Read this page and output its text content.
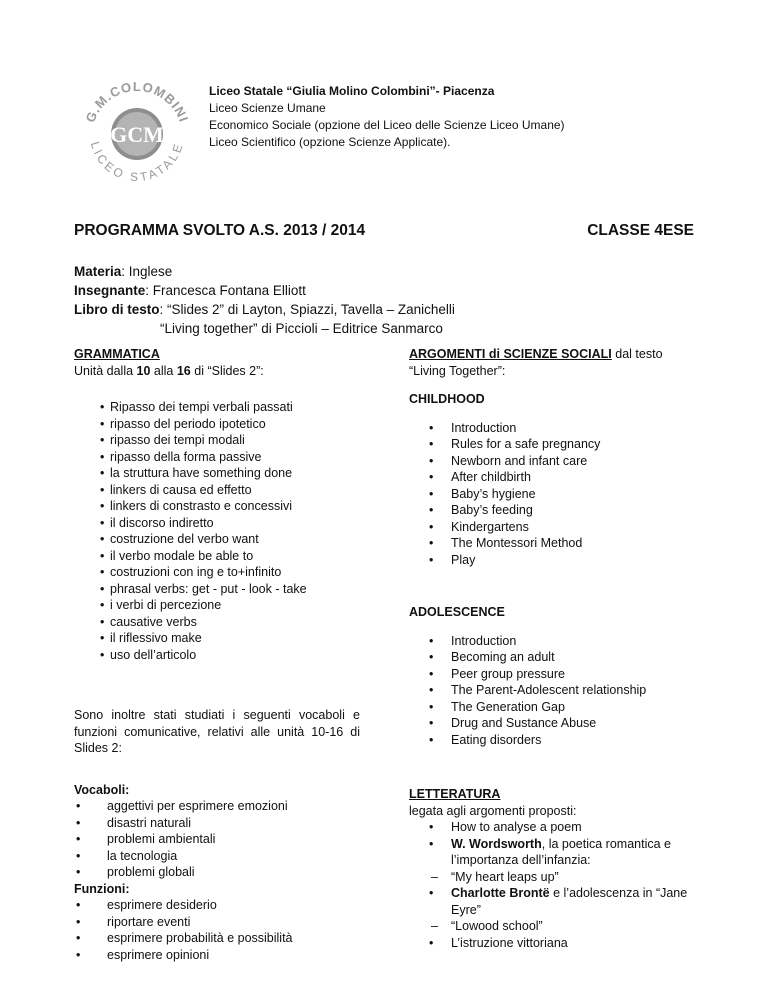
G.M.COLOMBINI
LICEO STATALE
GCM
Liceo Statale “Giulia Molino Colombini”- Piacenza
Liceo Scienze Umane
Economico Sociale (opzione del Liceo delle Scienze Liceo Umane)
Liceo Scientifico (opzione Scienze Applicate).
PROGRAMMA SVOLTO A.S. 2013 / 2014	CLASSE 4ESE
Materia: Inglese
Insegnante: Francesca Fontana Elliott
Libro di testo: “Slides 2” di Layton, Spiazzi, Tavella – Zanichelli
“Living together” di Piccioli – Editrice Sanmarco
GRAMMATICA
Unità dalla 10 alla 16 di “Slides 2”:
• Ripasso dei tempi verbali passati
• ripasso del periodo ipotetico
• ripasso dei tempi modali
• ripasso della forma passive
• la struttura have something done
• linkers di causa ed effetto
• linkers di constrasto e concessivi
• il discorso indiretto
• costruzione del verbo want
• il verbo modale be able to
• costruzioni con ing e to+infinito
• phrasal verbs: get - put - look - take
• i verbi di percezione
• causative verbs
• il riflessivo make
• uso dell’articolo
Sono inoltre stati studiati i seguenti vocaboli e funzioni comunicative, relativi alle unità 10-16 di Slides 2:
Vocaboli:
• aggettivi per esprimere emozioni
• disastri naturali
• problemi ambientali
• la tecnologia
• problemi globali
Funzioni:
• esprimere desiderio
• riportare eventi
• esprimere probabilità e possibilità
• esprimere opinioni
ARGOMENTI di SCIENZE SOCIALI dal testo “Living Together”:
CHILDHOOD
• Introduction
• Rules for a safe pregnancy
• Newborn and infant care
• After childbirth
• Baby’s hygiene
• Baby’s feeding
• Kindergartens
• The Montessori Method
• Play
ADOLESCENCE
• Introduction
• Becoming an adult
• Peer group pressure
• The Parent-Adolescent relationship
• The Generation Gap
• Drug and Sustance Abuse
• Eating disorders
LETTERATURA
legata agli argomenti proposti:
• How to analyse a poem
• W. Wordsworth, la poetica romantica e l’importanza dell’infanzia:
– “My heart leaps up”
• Charlotte Brontë e l’adolescenza in “Jane Eyre”
– “Lowood school”
• L’istruzione vittoriana
